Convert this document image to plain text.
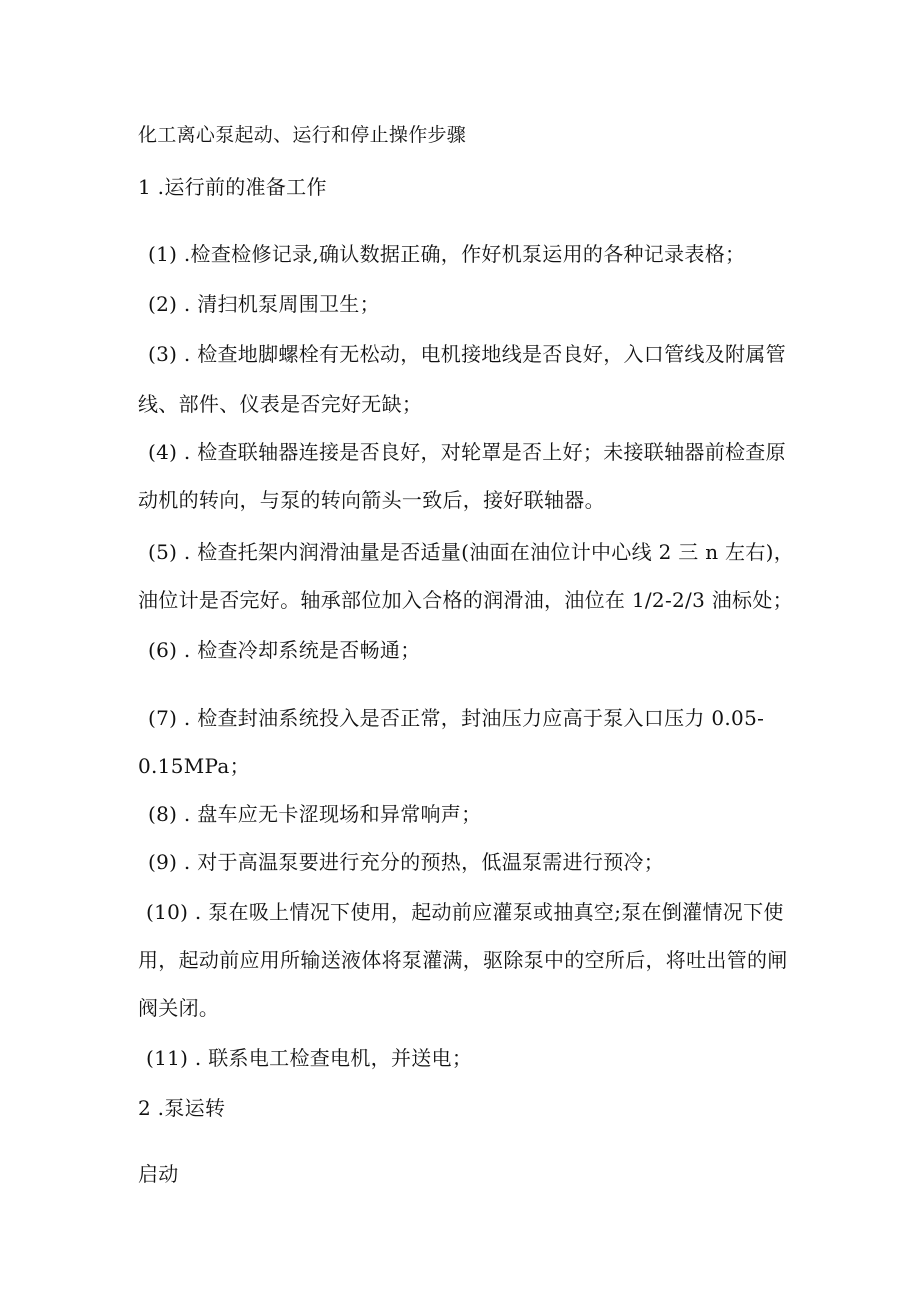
化工离心泵起动、运行和停止操作步骤
1 .运行前的准备工作
(1) .检查检修记录,确认数据正确，作好机泵运用的各种记录表格；
(2) . 清扫机泵周围卫生；
(3) . 检查地脚螺栓有无松动，电机接地线是否良好，入口管线及附属管
线、部件、仪表是否完好无缺；
(4) . 检查联轴器连接是否良好，对轮罩是否上好；未接联轴器前检查原
动机的转向，与泵的转向箭头一致后，接好联轴器。
(5) . 检查托架内润滑油量是否适量(油面在油位计中心线 2 三 n 左右)，
油位计是否完好。轴承部位加入合格的润滑油，油位在 1/2-2/3 油标处；
(6) . 检查冷却系统是否畅通；
(7) . 检查封油系统投入是否正常，封油压力应高于泵入口压力 0.05-
0.15MPa；
(8) . 盘车应无卡涩现场和异常响声；
(9) . 对于高温泵要进行充分的预热，低温泵需进行预冷；
(10) . 泵在吸上情况下使用，起动前应灌泵或抽真空;泵在倒灌情况下使
用，起动前应用所输送液体将泵灌满，驱除泵中的空所后，将吐出管的闸
阀关闭。
(11) . 联系电工检查电机，并送电；
2 .泵运转
启动
